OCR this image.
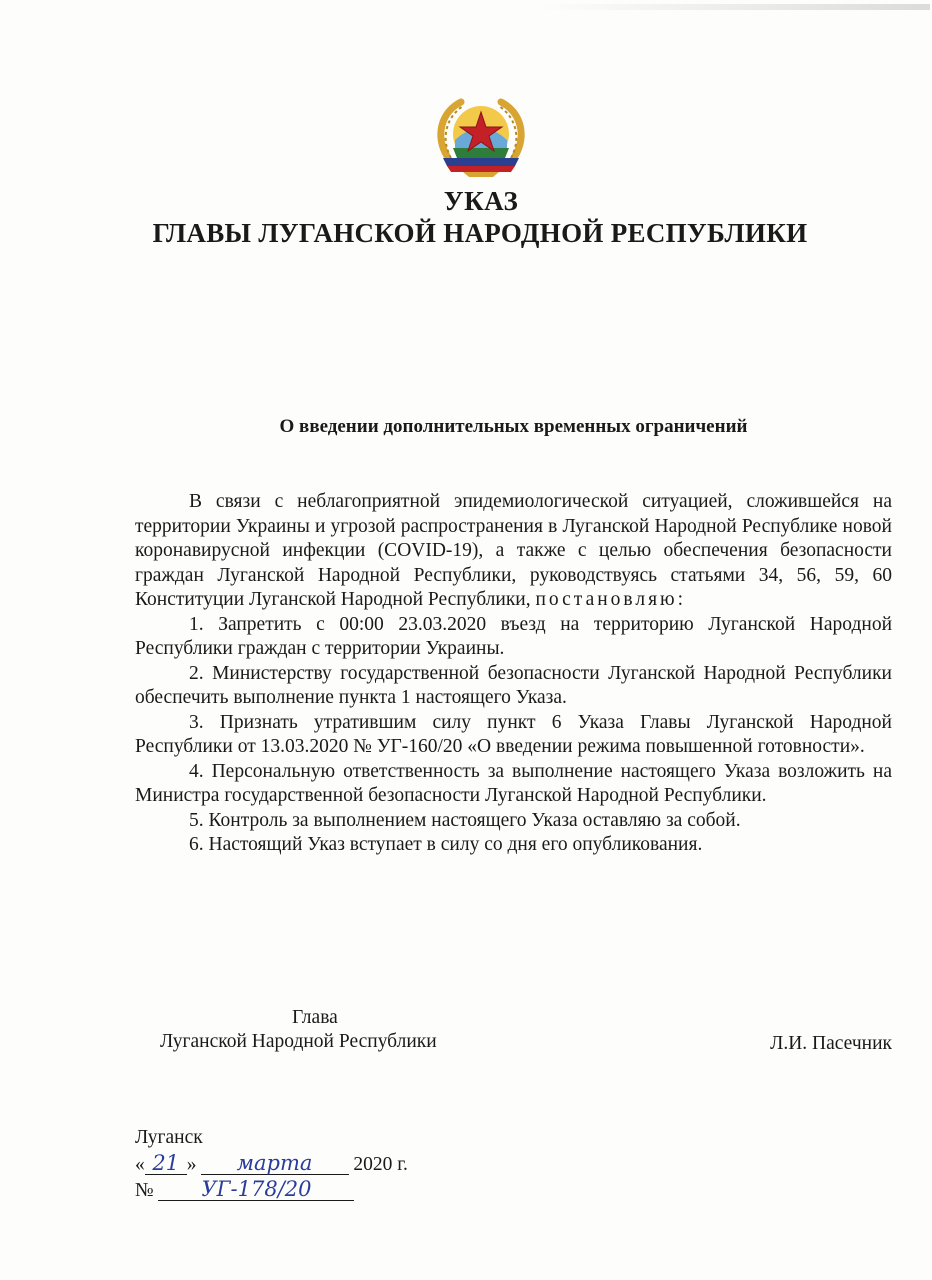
УКАЗ
ГЛАВЫ ЛУГАНСКОЙ НАРОДНОЙ РЕСПУБЛИКИ
О введении дополнительных временных ограничений

В связи с неблагоприятной эпидемиологической ситуацией, сложившейся на территории Украины и угрозой распространения в Луганской Народной Республике новой коронавирусной инфекции (COVID-19), а также с целью обеспечения безопасности граждан Луганской Народной Республики, руководствуясь статьями 34, 56, 59, 60 Конституции Луганской Народной Республики, постановляю:

1. Запретить с 00:00 23.03.2020 въезд на территорию Луганской Народной Республики граждан с территории Украины.

2. Министерству государственной безопасности Луганской Народной Республики обеспечить выполнение пункта 1 настоящего Указа.

3. Признать утратившим силу пункт 6 Указа Главы Луганской Народной Республики от 13.03.2020 № УГ-160/20 «О введении режима повышенной готовности».

4. Персональную ответственность за выполнение настоящего Указа возложить на Министра государственной безопасности Луганской Народной Республики.

5. Контроль за выполнением настоящего Указа оставляю за собой.

6. Настоящий Указ вступает в силу со дня его опубликования.

Глава
Луганской Народной Республики	Л.И. Пасечник
Луганск
« 21 » марта 2020 г.
№ УГ-178/20
